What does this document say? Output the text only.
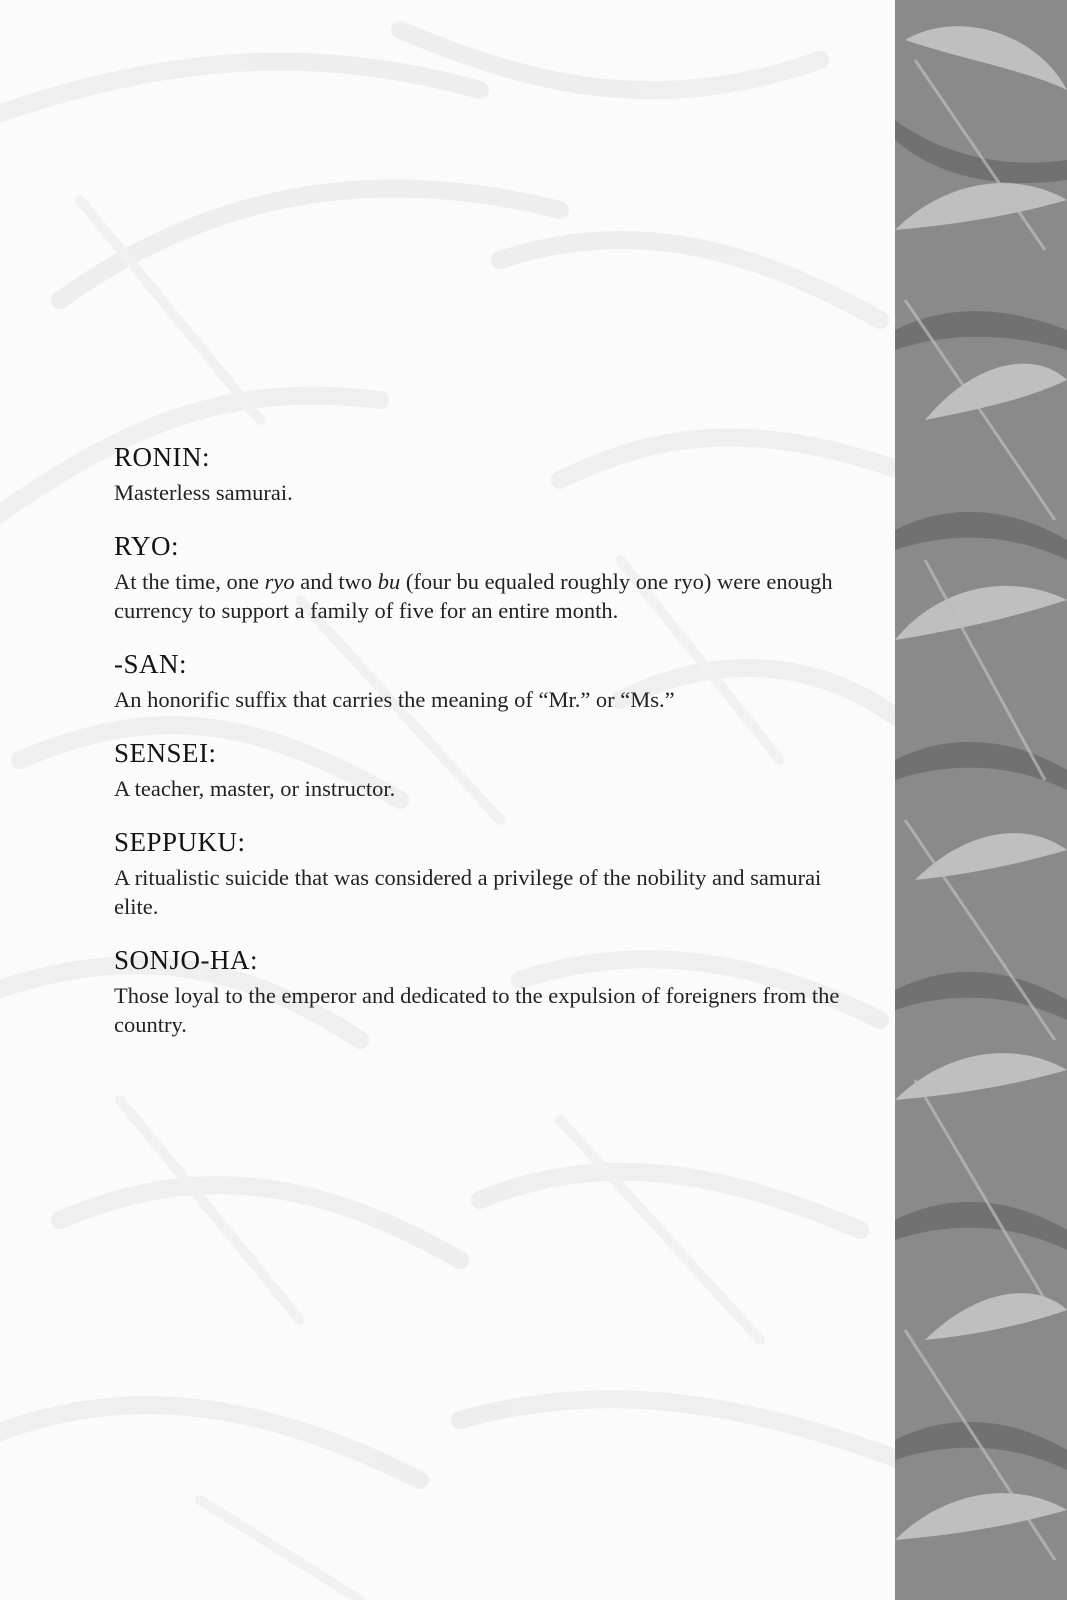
RONIN:

Masterless samurai.

RYO:

At the time, one ryo and two bu (four bu equaled roughly one ryo) were enough currency to support a family of five for an entire month.

-SAN:

An honorific suffix that carries the meaning of “Mr.” or “Ms.”

SENSEI:

A teacher, master, or instructor.

SEPPUKU:

A ritualistic suicide that was considered a privilege of the nobility and samurai elite.

SONJO-HA:

Those loyal to the emperor and dedicated to the expulsion of foreigners from the country.
